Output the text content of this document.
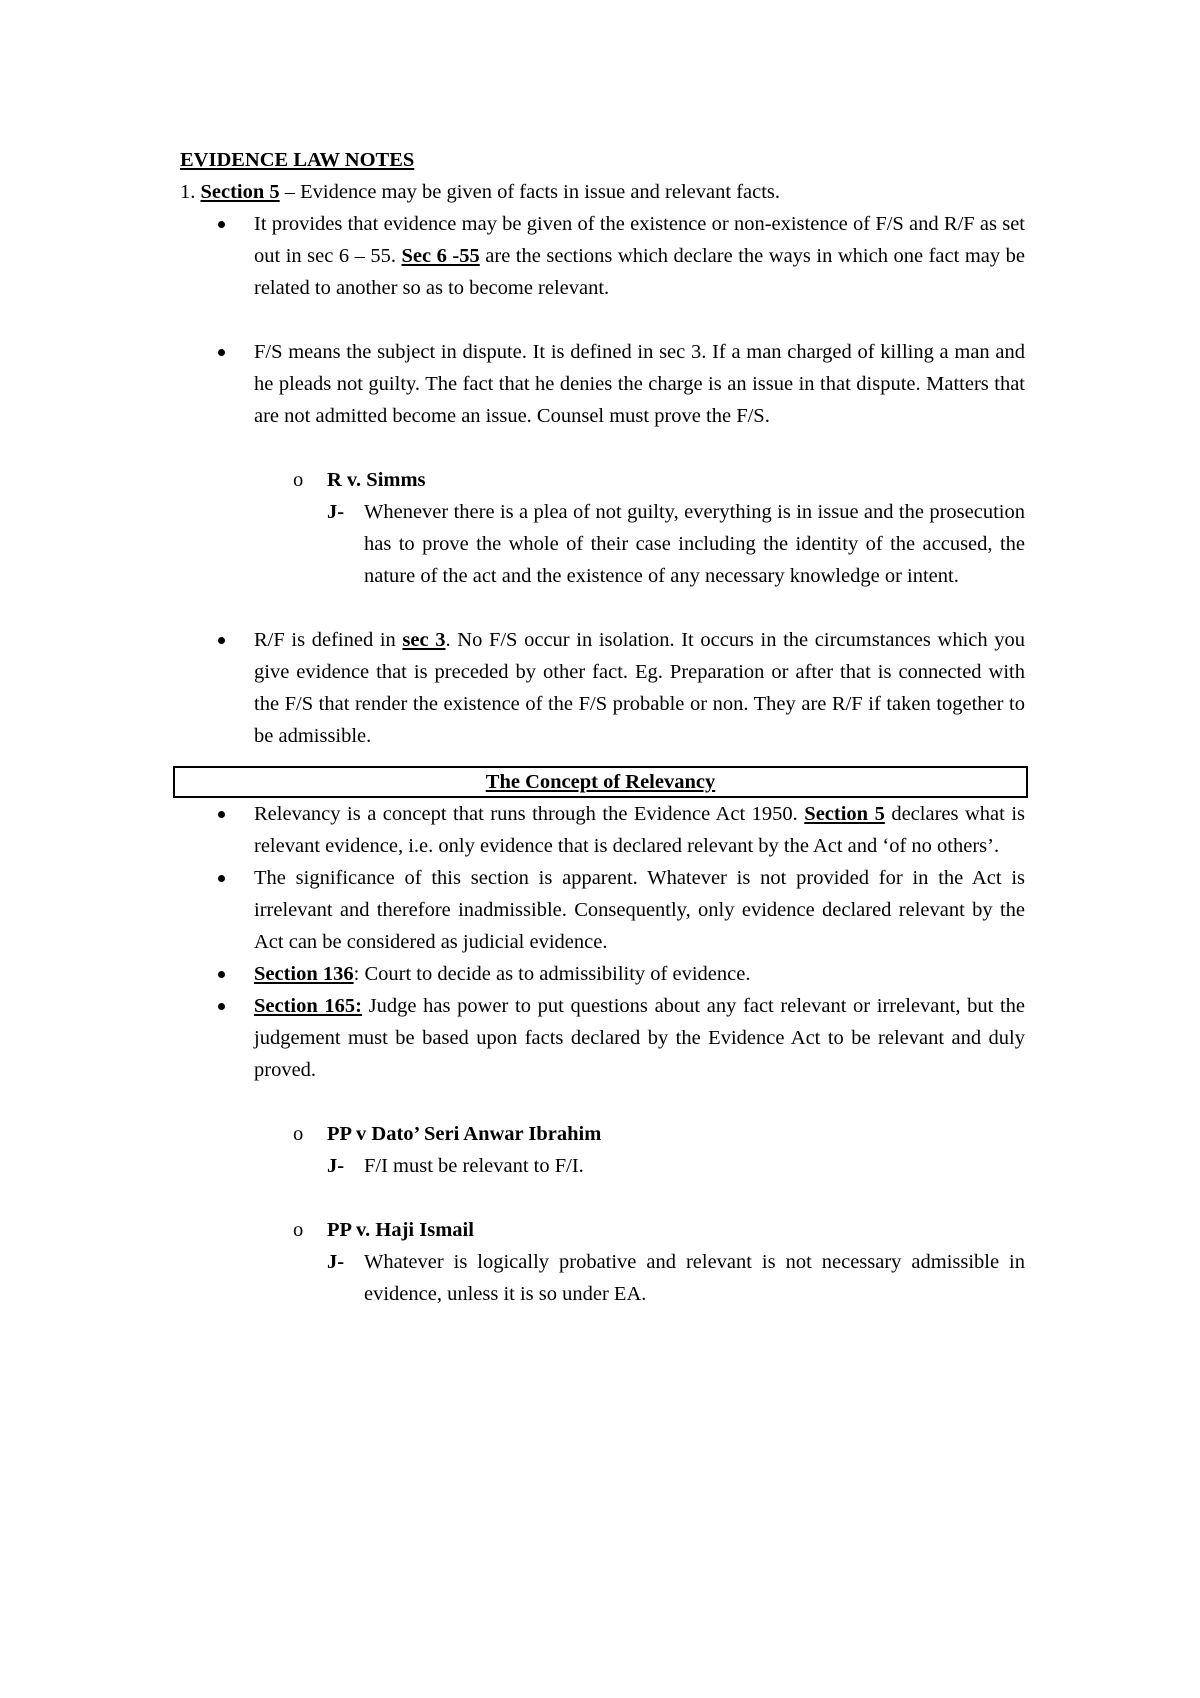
EVIDENCE LAW NOTES

1. Section 5 – Evidence may be given of facts in issue and relevant facts.

It provides that evidence may be given of the existence or non-existence of F/S and R/F as set out in sec 6 – 55. Sec 6 -55 are the sections which declare the ways in which one fact may be related to another so as to become relevant.
F/S means the subject in dispute. It is defined in sec 3. If a man charged of killing a man and he pleads not guilty. The fact that he denies the charge is an issue in that dispute. Matters that are not admitted become an issue. Counsel must prove the F/S.
o R v. Simms
J- Whenever there is a plea of not guilty, everything is in issue and the prosecution has to prove the whole of their case including the identity of the accused, the nature of the act and the existence of any necessary knowledge or intent.
R/F is defined in sec 3. No F/S occur in isolation. It occurs in the circumstances which you give evidence that is preceded by other fact. Eg. Preparation or after that is connected with the F/S that render the existence of the F/S probable or non. They are R/F if taken together to be admissible.
The Concept of Relevancy
Relevancy is a concept that runs through the Evidence Act 1950. Section 5 declares what is relevant evidence, i.e. only evidence that is declared relevant by the Act and ‘of no others’.
The significance of this section is apparent. Whatever is not provided for in the Act is irrelevant and therefore inadmissible. Consequently, only evidence declared relevant by the Act can be considered as judicial evidence.
Section 136: Court to decide as to admissibility of evidence.
Section 165: Judge has power to put questions about any fact relevant or irrelevant, but the judgement must be based upon facts declared by the Evidence Act to be relevant and duly proved.
o PP v Dato’ Seri Anwar Ibrahim
J- F/I must be relevant to F/I.
o PP v. Haji Ismail
J- Whatever is logically probative and relevant is not necessary admissible in evidence, unless it is so under EA.
